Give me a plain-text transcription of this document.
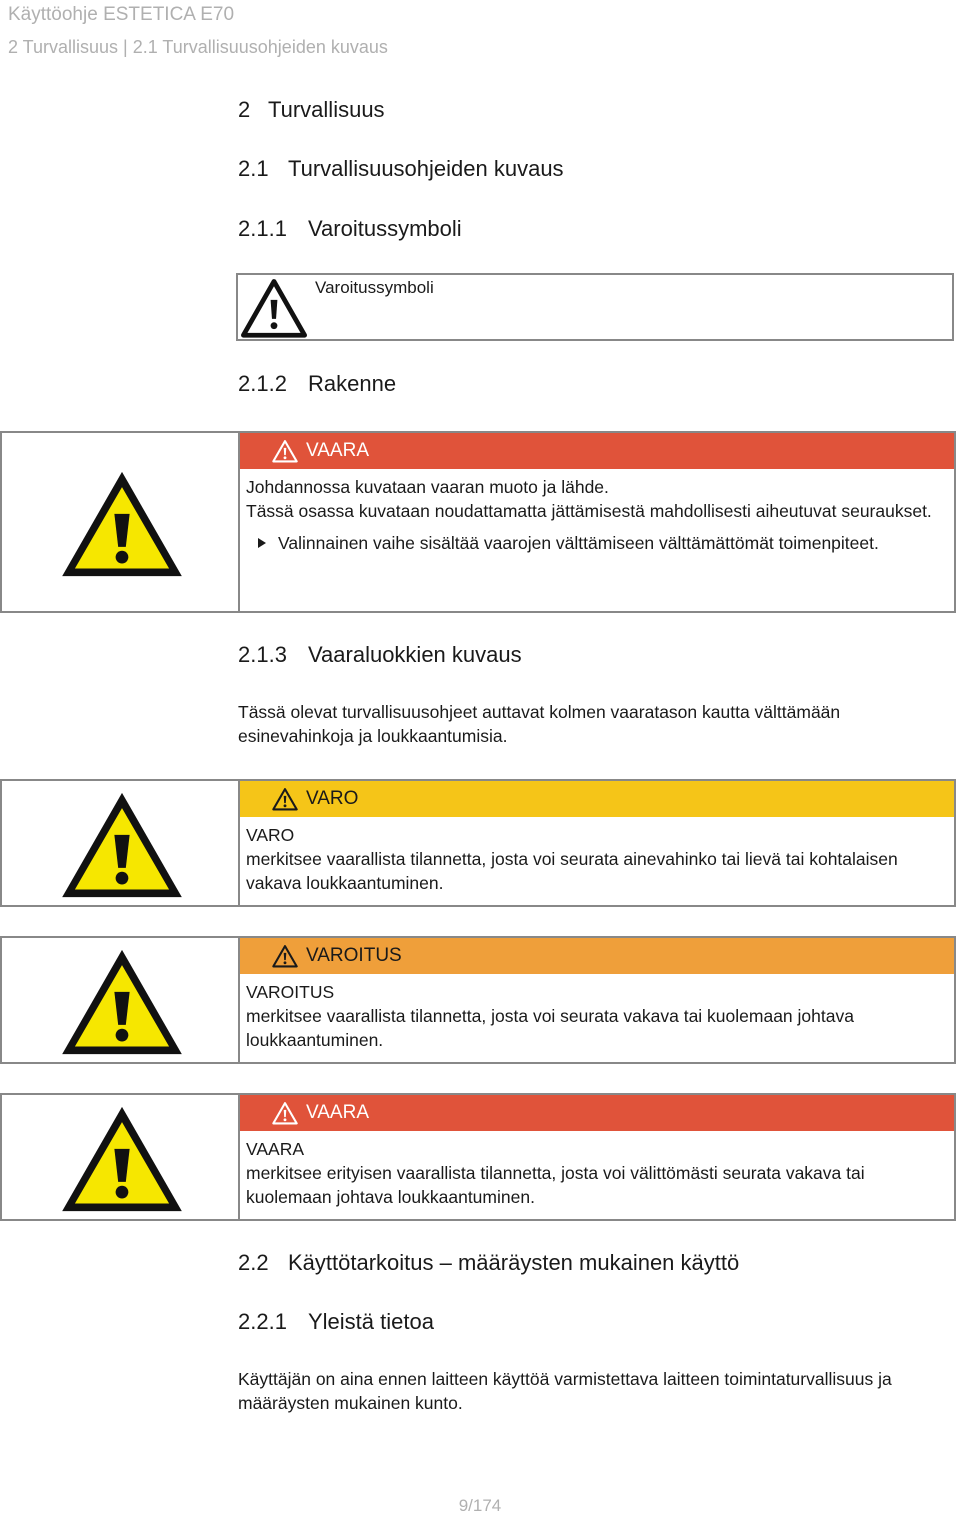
Käyttöohje ESTETICA E70
2 Turvallisuus | 2.1 Turvallisuusohjeiden kuvaus
2 Turvallisuus
2.1 Turvallisuusohjeiden kuvaus
2.1.1 Varoitussymboli
Varoitussymboli
2.1.2 Rakenne
VAARA
Johdannossa kuvataan vaaran muoto ja lähde.
Tässä osassa kuvataan noudattamatta jättämisestä mahdollisesti aiheutuvat seuraukset.
Valinnainen vaihe sisältää vaarojen välttämiseen välttämättömät toimenpiteet.
2.1.3 Vaaraluokkien kuvaus
Tässä olevat turvallisuusohjeet auttavat kolmen vaaratason kautta välttämään esinevahinkoja ja loukkaantumisia.
VARO
VARO
merkitsee vaarallista tilannetta, josta voi seurata ainevahinko tai lievä tai kohtalaisen vakava loukkaantuminen.
VAROITUS
VAROITUS
merkitsee vaarallista tilannetta, josta voi seurata vakava tai kuolemaan johtava loukkaantuminen.
VAARA
VAARA
merkitsee erityisen vaarallista tilannetta, josta voi välittömästi seurata vakava tai kuolemaan johtava loukkaantuminen.
2.2 Käyttötarkoitus – määräysten mukainen käyttö
2.2.1 Yleistä tietoa
Käyttäjän on aina ennen laitteen käyttöä varmistettava laitteen toimintaturvallisuus ja määräysten mukainen kunto.
9/174
